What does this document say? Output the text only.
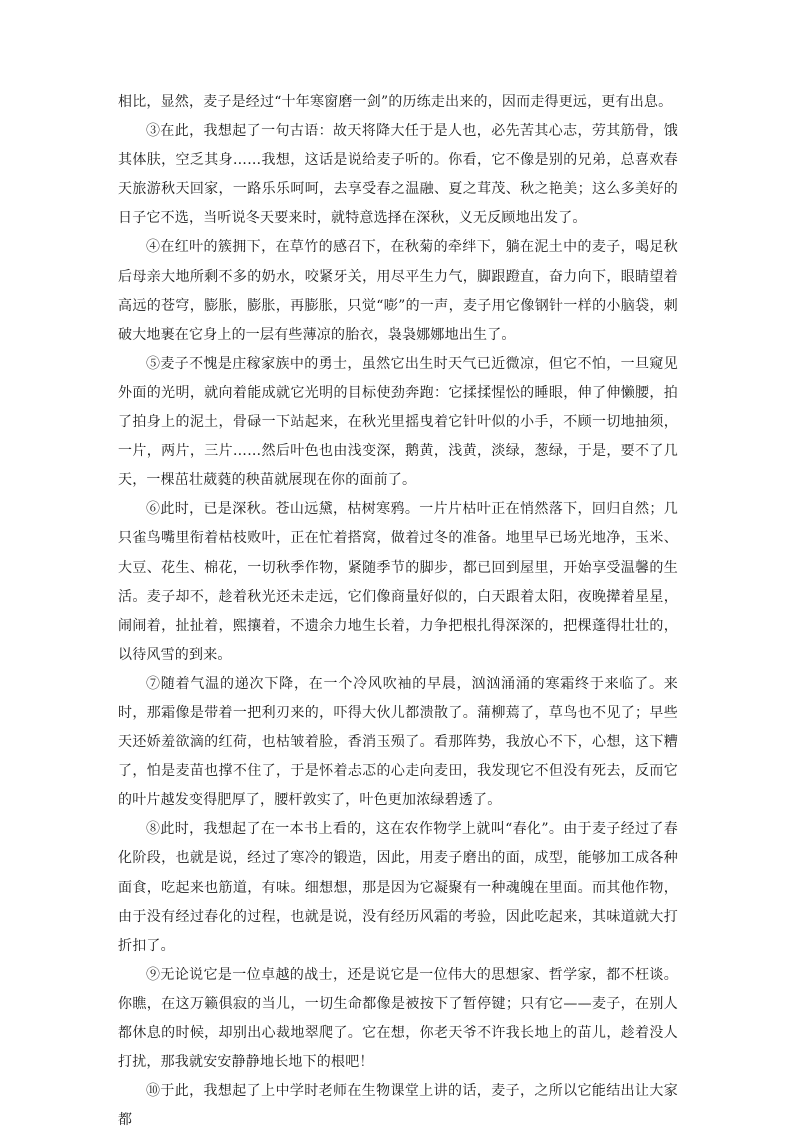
相比，显然，麦子是经过“十年寒窗磨一剑”的历练走出来的，因而走得更远，更有出息。

③在此，我想起了一句古语：故天将降大任于是人也，必先苦其心志，劳其筋骨，饿其体肤，空乏其身……我想，这话是说给麦子听的。你看，它不像是别的兄弟，总喜欢春天旅游秋天回家，一路乐乐呵呵，去享受春之温融、夏之茸茂、秋之艳美；这么多美好的日子它不选，当听说冬天要来时，就特意选择在深秋，义无反顾地出发了。

④在红叶的簇拥下，在草竹的感召下，在秋菊的牵绊下，躺在泥土中的麦子，喝足秋后母亲大地所剩不多的奶水，咬紧牙关，用尽平生力气，脚跟蹬直，奋力向下，眼睛望着高远的苍穹，膨胀，膨胀，再膨胀，只觉“嘭”的一声，麦子用它像钢针一样的小脑袋，刺破大地裹在它身上的一层有些薄凉的胎衣，袅袅娜娜地出生了。

⑤麦子不愧是庄稼家族中的勇士，虽然它出生时天气已近微凉，但它不怕，一旦窥见外面的光明，就向着能成就它光明的目标使劲奔跑：它揉揉惺忪的睡眼，伸了伸懒腰，拍了拍身上的泥土，骨碌一下站起来，在秋光里摇曳着它针叶似的小手，不顾一切地抽须，一片，两片，三片……然后叶色也由浅变深，鹅黄，浅黄，淡绿，葱绿，于是，要不了几天，一棵茁壮葳蕤的秧苗就展现在你的面前了。

⑥此时，已是深秋。苍山远黛，枯树寒鸦。一片片枯叶正在悄然落下，回归自然；几只雀鸟嘴里衔着枯枝败叶，正在忙着搭窝，做着过冬的准备。地里早已场光地净，玉米、大豆、花生、棉花，一切秋季作物，紧随季节的脚步，都已回到屋里，开始享受温馨的生活。麦子却不，趁着秋光还未走远，它们像商量好似的，白天跟着太阳，夜晚撵着星星，闹闹着，扯扯着，熙攘着，不遗余力地生长着，力争把根扎得深深的，把棵蓬得壮壮的，以待风雪的到来。

⑦随着气温的递次下降，在一个冷风吹袖的早晨，汹汹涌涌的寒霜终于来临了。来时，那霜像是带着一把利刃来的，吓得大伙儿都溃散了。蒲柳蔫了，草鸟也不见了；早些天还娇羞欲滴的红荷，也枯皱着脸，香消玉殒了。看那阵势，我放心不下，心想，这下糟了，怕是麦苗也撑不住了，于是怀着忐忑的心走向麦田，我发现它不但没有死去，反而它的叶片越发变得肥厚了，腰杆敦实了，叶色更加浓绿碧透了。

⑧此时，我想起了在一本书上看的，这在农作物学上就叫“春化”。由于麦子经过了春化阶段，也就是说，经过了寒冷的锻造，因此，用麦子磨出的面，成型，能够加工成各种面食，吃起来也筋道，有味。细想想，那是因为它凝聚有一种魂魄在里面。而其他作物，由于没有经过春化的过程，也就是说，没有经历风霜的考验，因此吃起来，其味道就大打折扣了。

⑨无论说它是一位卓越的战士，还是说它是一位伟大的思想家、哲学家，都不枉谈。你瞧，在这万籁俱寂的当儿，一切生命都像是被按下了暂停键；只有它——麦子，在别人都休息的时候，却别出心裁地翠爬了。它在想，你老天爷不许我长地上的苗儿，趁着没人打扰，那我就安安静静地长地下的根吧！

⑩于此，我想起了上中学时老师在生物课堂上讲的话，麦子，之所以它能结出让大家都
